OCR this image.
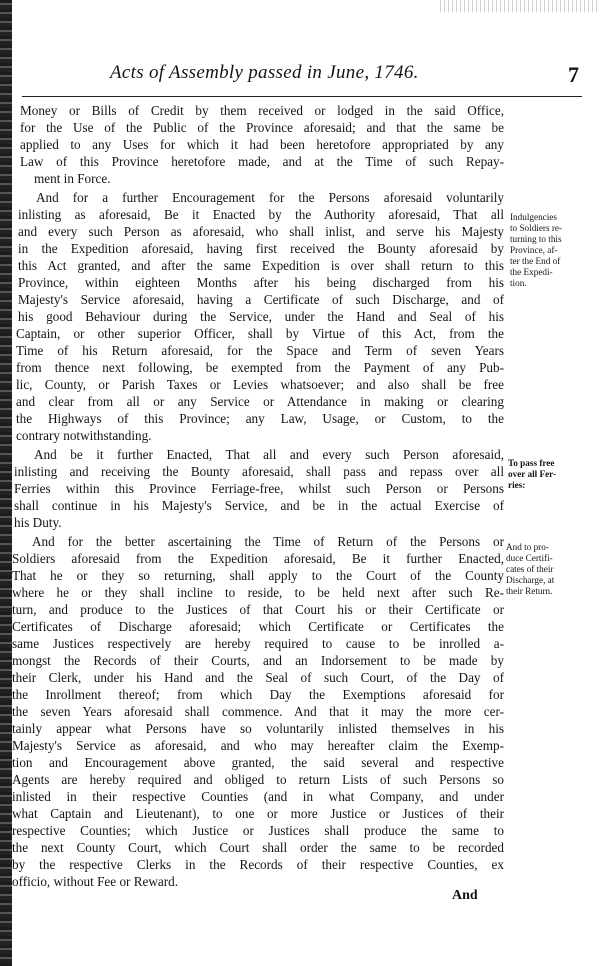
Acts of Assembly passed in June, 1746.	7
Money or Bills of Credit by them received or lodged in the said Office,
for the Use of the Public of the Province aforesaid; and that the same be
applied to any Uses for which it had been heretofore appropriated by any
Law of this Province heretofore made, and at the Time of such Repay-
ment in Force.
And for a further Encouragement for the Persons aforesaid voluntarily
inlisting as aforesaid, Be it Enacted by the Authority aforesaid, That all
and every such Person as aforesaid, who shall inlist, and serve his Majesty
in the Expedition aforesaid, having first received the Bounty aforesaid by
this Act granted, and after the same Expedition is over shall return to this
Province, within eighteen Months after his being discharged from his
Majesty's Service aforesaid, having a Certificate of such Discharge, and of
his good Behaviour during the Service, under the Hand and Seal of his
Captain, or other superior Officer, shall by Virtue of this Act, from the
Time of his Return aforesaid, for the Space and Term of seven Years
from thence next following, be exempted from the Payment of any Pub-
lic, County, or Parish Taxes or Levies whatsoever; and also shall be free
and clear from all or any Service or Attendance in making or clearing
the Highways of this Province; any Law, Usage, or Custom, to the
contrary notwithstanding.
And be it further Enacted, That all and every such Person aforesaid,
inlisting and receiving the Bounty aforesaid, shall pass and repass over all
Ferries within this Province Ferriage-free, whilst such Person or Persons
shall continue in his Majesty's Service, and be in the actual Exercise of
his Duty.
And for the better ascertaining the Time of Return of the Persons or
Soldiers aforesaid from the Expedition aforesaid, Be it further Enacted,
That he or they so returning, shall apply to the Court of the County
where he or they shall incline to reside, to be held next after such Re-
turn, and produce to the Justices of that Court his or their Certificate or
Certificates of Discharge aforesaid; which Certificate or Certificates the
same Justices respectively are hereby required to cause to be inrolled a-
mongst the Records of their Courts, and an Indorsement to be made by
their Clerk, under his Hand and the Seal of such Court, of the Day of
the Inrollment thereof; from which Day the Exemptions aforesaid for
the seven Years aforesaid shall commence. And that it may the more cer-
tainly appear what Persons have so voluntarily inlisted themselves in his
Majesty's Service as aforesaid, and who may hereafter claim the Exemp-
tion and Encouragement above granted, the said several and respective
Agents are hereby required and obliged to return Lists of such Persons so
inlisted in their respective Counties (and in what Company, and under
what Captain and Lieutenant), to one or more Justice or Justices of their
respective Counties; which Justice or Justices shall produce the same to
the next County Court, which Court shall order the same to be recorded
by the respective Clerks in the Records of their respective Counties, ex
officio, without Fee or Reward.
Indulgencies
to Soldiers re-
turning to this
Province, af-
ter the End of
the Expedi-
tion.
To pass free
over all Fer-
ries:
And to pro-
duce Certifi-
cates of their
Discharge, at
their Return.
And
